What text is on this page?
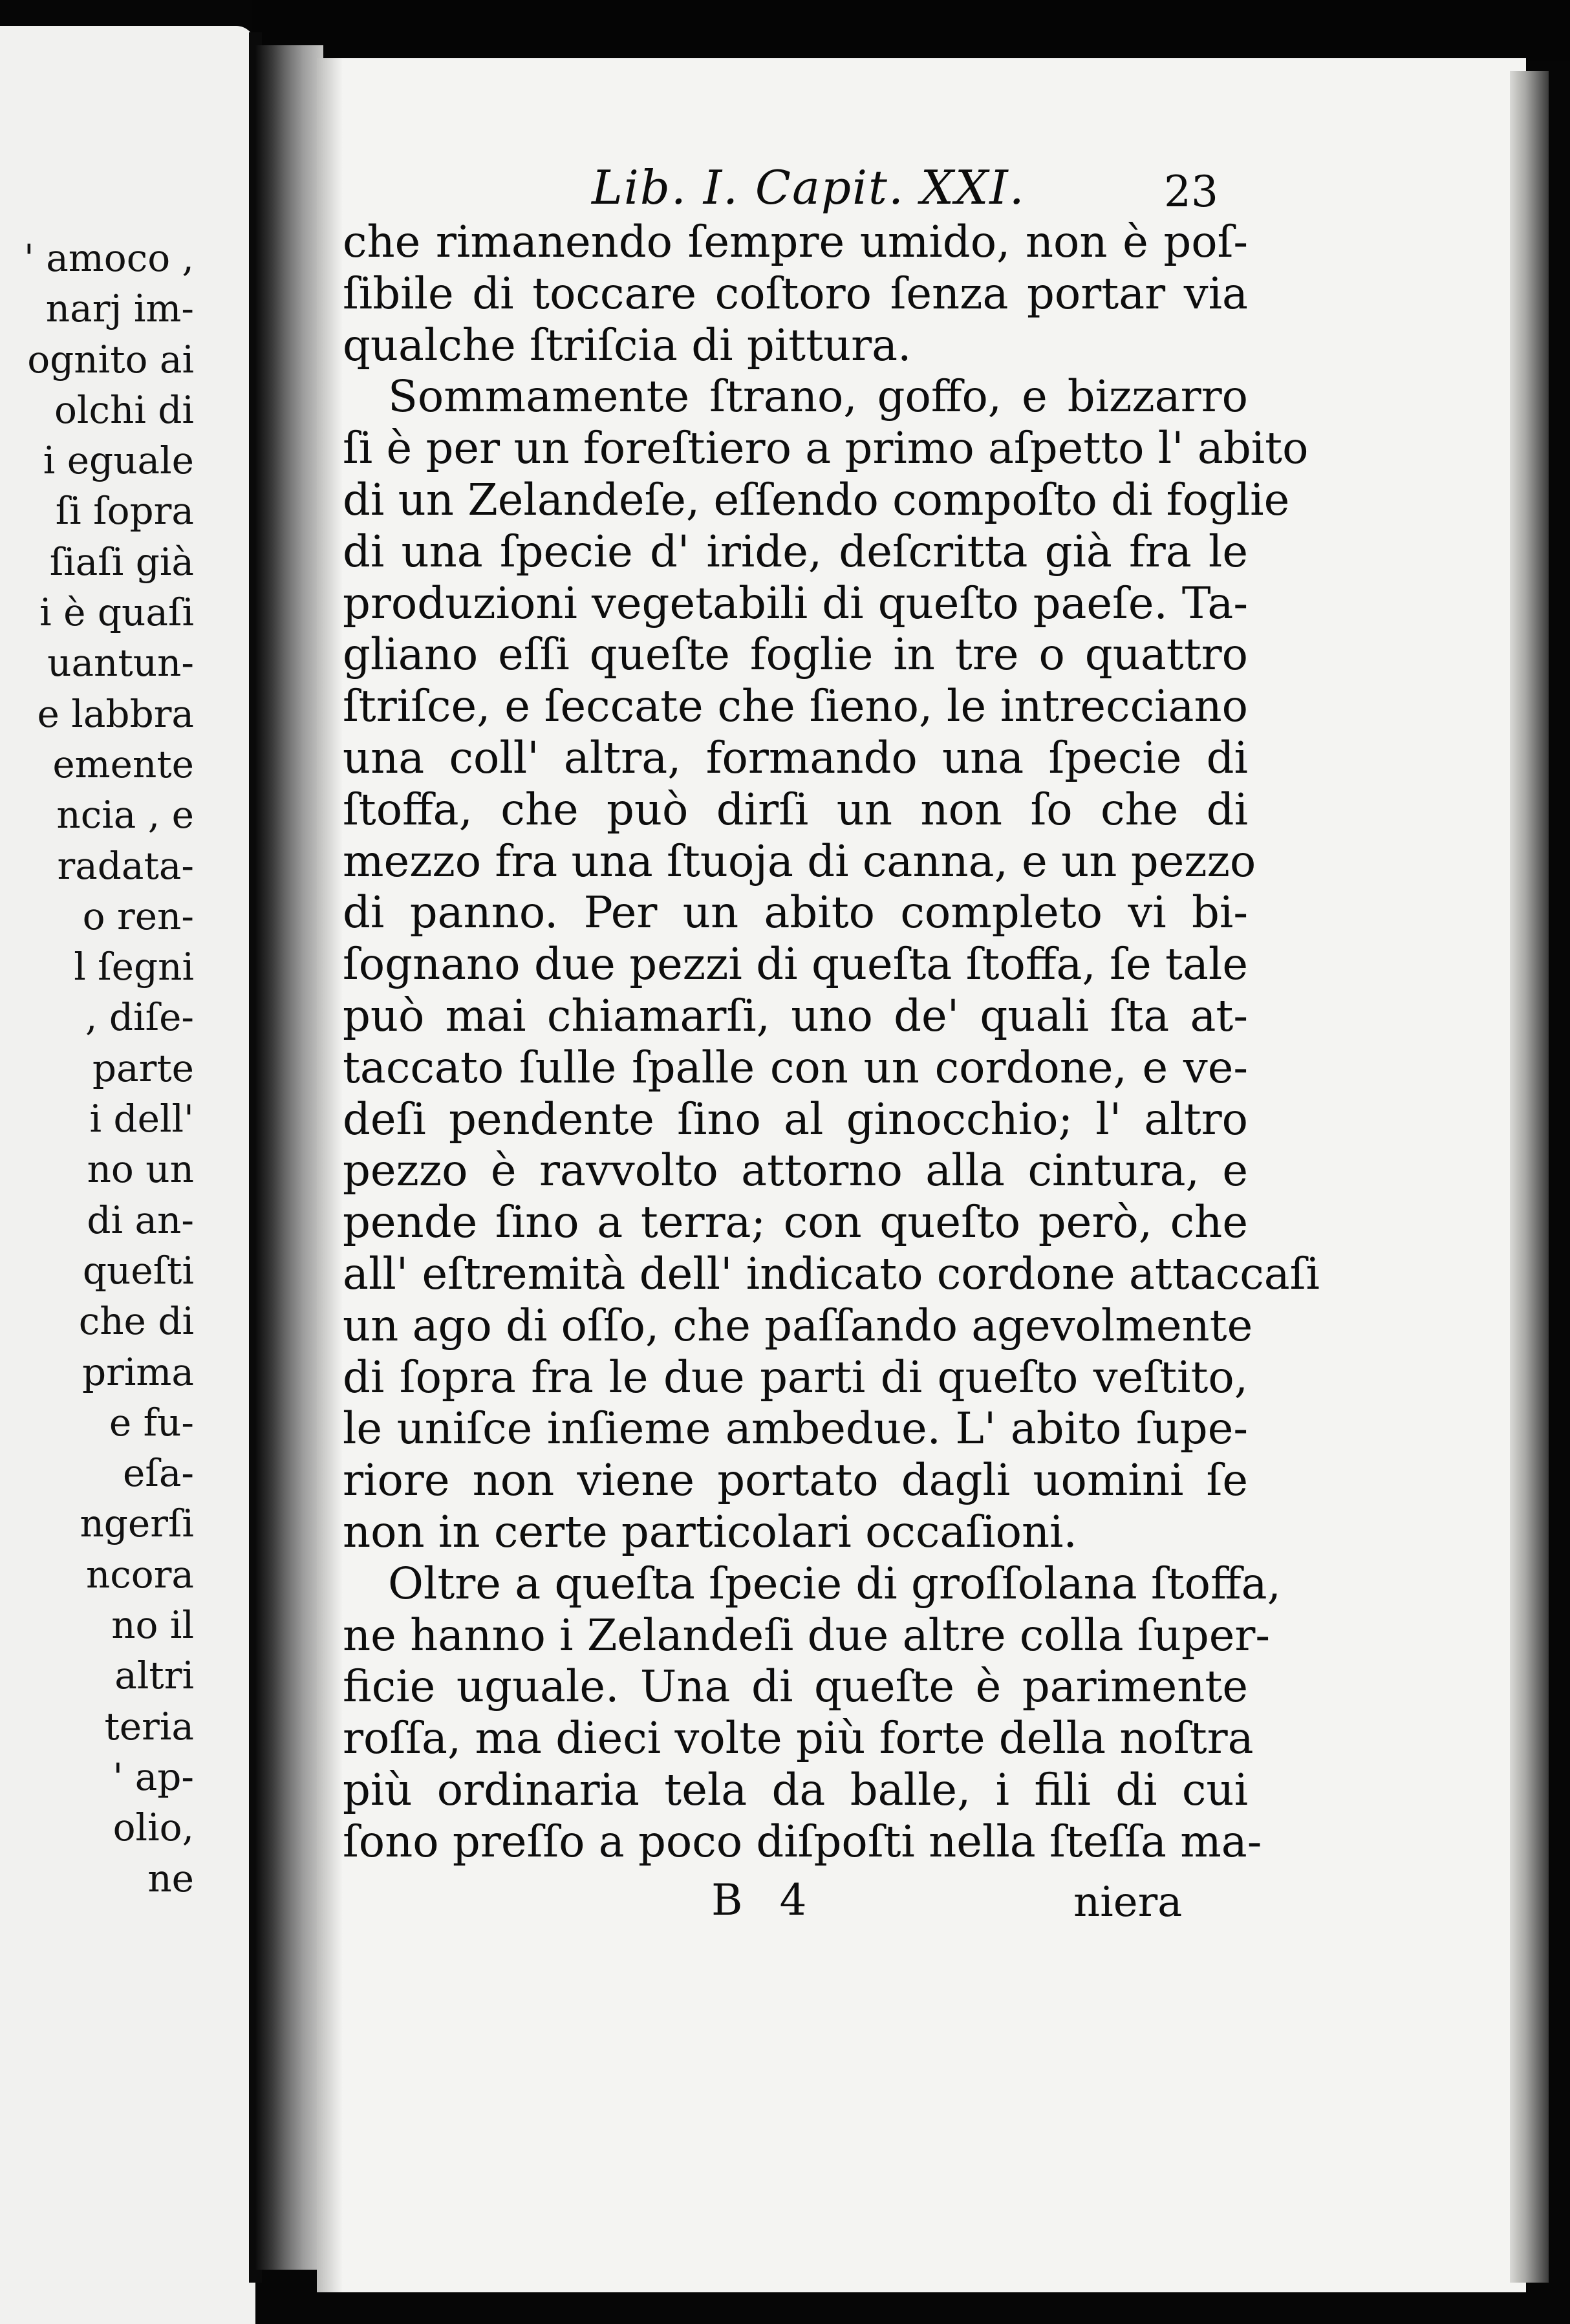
' amoco ,
narj im-
ognito ai
olchi di
i eguale
ſi ſopra
ſiaſi già
i è quaſi
uantun-
e labbra
emente
ncia , e
radata-
o ren-
l ſegni
, diſe-
parte
i dell'
no un
di an-
queſti
che di
prima
e fu-
eſa-
ngerſi
ncora
no il
altri
teria
' ap-
olio,
ne
Lib. I. Capit. XXI.	23
che rimanendo ſempre umido, non è poſ-
ſibile di toccare coſtoro ſenza portar via
qualche ſtriſcia di pittura.
Sommamente ſtrano, goffo, e bizzarro
ſi è per un foreſtiero a primo aſpetto l' abito
di un Zelandeſe, eſſendo compoſto di foglie
di una ſpecie d' iride, deſcritta già fra le
produzioni vegetabili di queſto paeſe. Ta-
gliano eſſi queſte foglie in tre o quattro
ſtriſce, e ſeccate che ſieno, le intrecciano
una coll' altra, formando una ſpecie di
ſtoffa, che può dirſi un non ſo che di
mezzo fra una ſtuoja di canna, e un pezzo
di panno. Per un abito completo vi bi-
ſognano due pezzi di queſta ſtoffa, ſe tale
può mai chiamarſi, uno de' quali ſta at-
taccato ſulle ſpalle con un cordone, e ve-
deſi pendente ſino al ginocchio; l' altro
pezzo è ravvolto attorno alla cintura, e
pende ſino a terra; con queſto però, che
all' eſtremità dell' indicato cordone attaccaſi
un ago di oſſo, che paſſando agevolmente
di ſopra fra le due parti di queſto veſtito,
le uniſce inſieme ambedue. L' abito ſupe-
riore non viene portato dagli uomini ſe
non in certe particolari occaſioni.
Oltre a queſta ſpecie di groſſolana ſtoffa,
ne hanno i Zelandeſi due altre colla ſuper-
ficie uguale. Una di queſte è parimente
roſſa, ma dieci volte più forte della noſtra
più ordinaria tela da balle, i fili di cui
ſono preſſo a poco diſpoſti nella ſteſſa ma-
B 4	niera
